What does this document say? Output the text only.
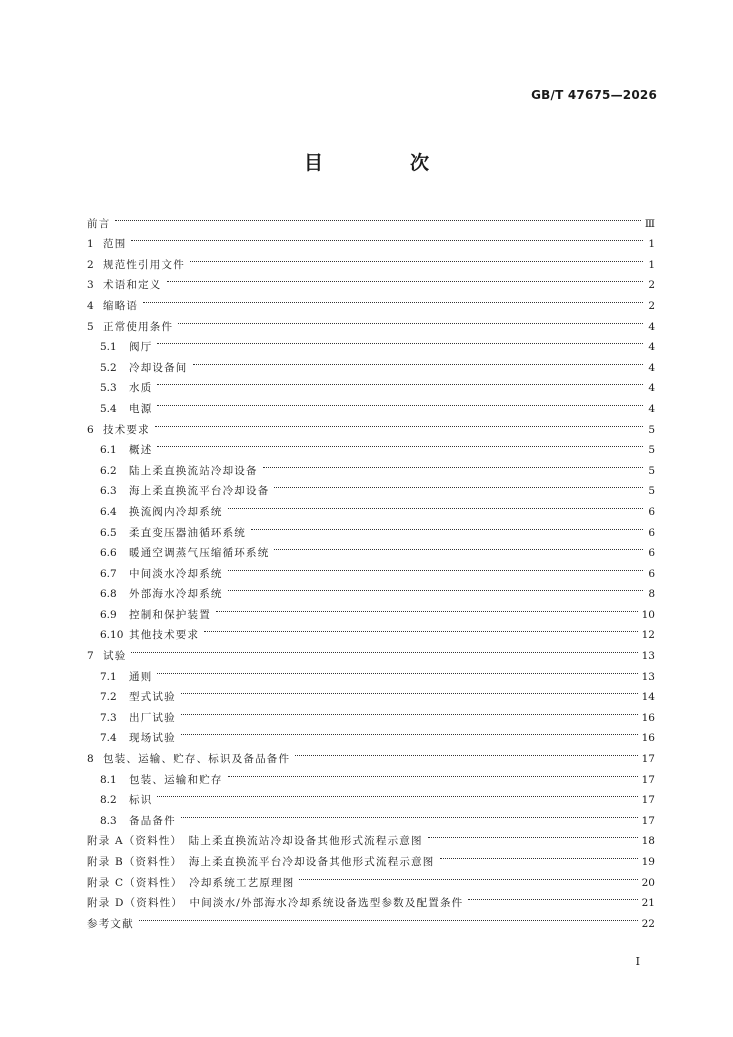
GB/T 47675—2026
目　次
前言	Ⅲ
1 范围	1
2 规范性引用文件	1
3 术语和定义	2
4 缩略语	2
5 正常使用条件	4
5.1	阀厅	4
5.2	冷却设备间	4
5.3	水质	4
5.4	电源	4
6 技术要求	5
6.1	概述	5
6.2	陆上柔直换流站冷却设备	5
6.3	海上柔直换流平台冷却设备	5
6.4	换流阀内冷却系统	6
6.5	柔直变压器油循环系统	6
6.6	暖通空调蒸气压缩循环系统	6
6.7	中间淡水冷却系统	6
6.8	外部海水冷却系统	8
6.9	控制和保护装置	10
6.10 其他技术要求	12
7 试验	13
7.1	通则	13
7.2	型式试验	14
7.3	出厂试验	16
7.4	现场试验	16
8 包装、运输、贮存、标识及备品备件	17
8.1	包装、运输和贮存	17
8.2	标识	17
8.3	备品备件	17
附录 A（资料性）　陆上柔直换流站冷却设备其他形式流程示意图	18
附录 B（资料性）　海上柔直换流平台冷却设备其他形式流程示意图	19
附录 C（资料性）　冷却系统工艺原理图	20
附录 D（资料性）　中间淡水/外部海水冷却系统设备选型参数及配置条件	21
参考文献	22
I
